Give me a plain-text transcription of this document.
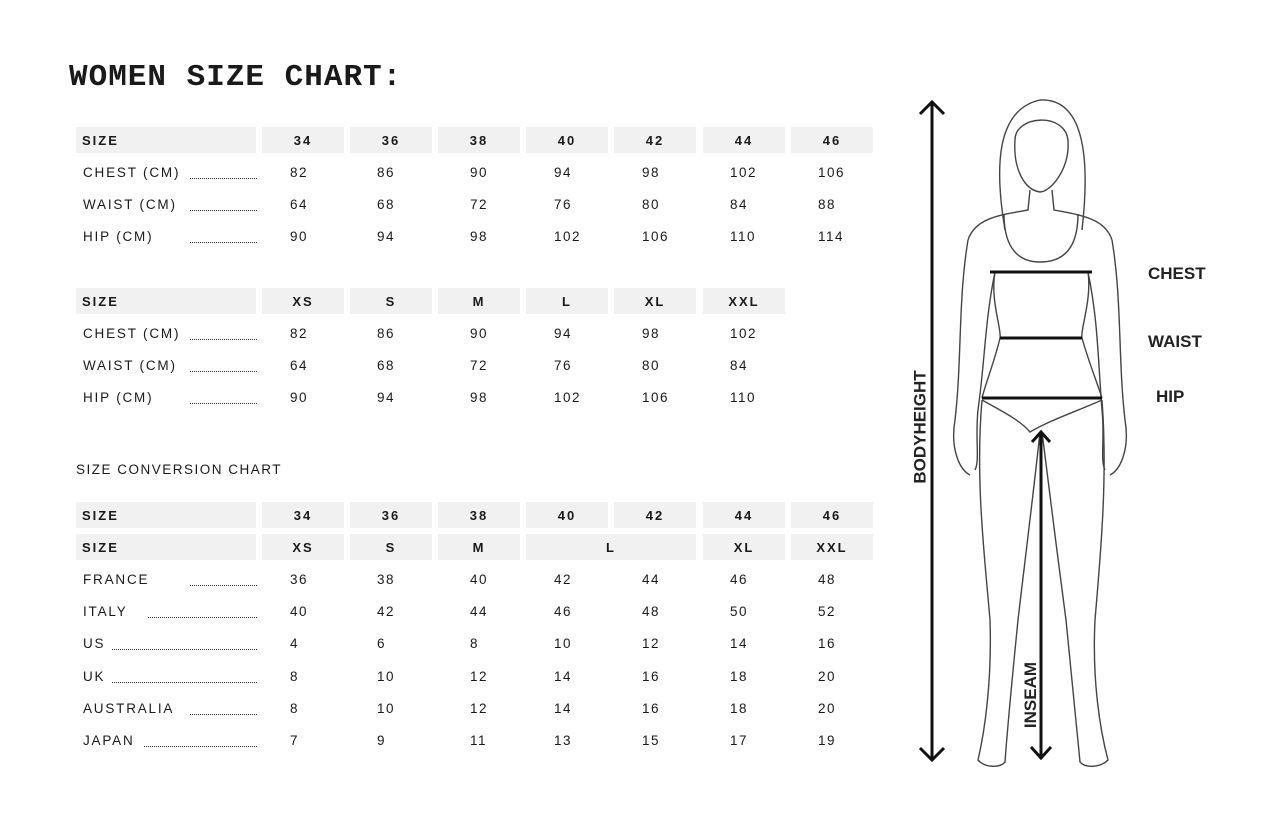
WOMEN SIZE CHART:
SIZE	34	36	38	40	42	44	46
CHEST (CM)	82	86	90	94	98	102	106
WAIST (CM)	64	68	72	76	80	84	88
HIP (CM)	90	94	98	102	106	110	114
SIZE	XS	S	M	L	XL	XXL
CHEST (CM)	82	86	90	94	98	102
WAIST (CM)	64	68	72	76	80	84
HIP (CM)	90	94	98	102	106	110
SIZE	34	36	38	40	42	44	46
SIZE	XS	S	M	L	XL	XXL
FRANCE	36	38	40	42	44	46	48
ITALY	40	42	44	46	48	50	52
US	4	6	8	10	12	14	16
UK	8	10	12	14	16	18	20
AUSTRALIA	8	10	12	14	16	18	20
JAPAN	7	9	11	13	15	17	19
SIZE CONVERSION CHART
CHEST
WAIST
HIP
BODYHEIGHT
INSEAM
